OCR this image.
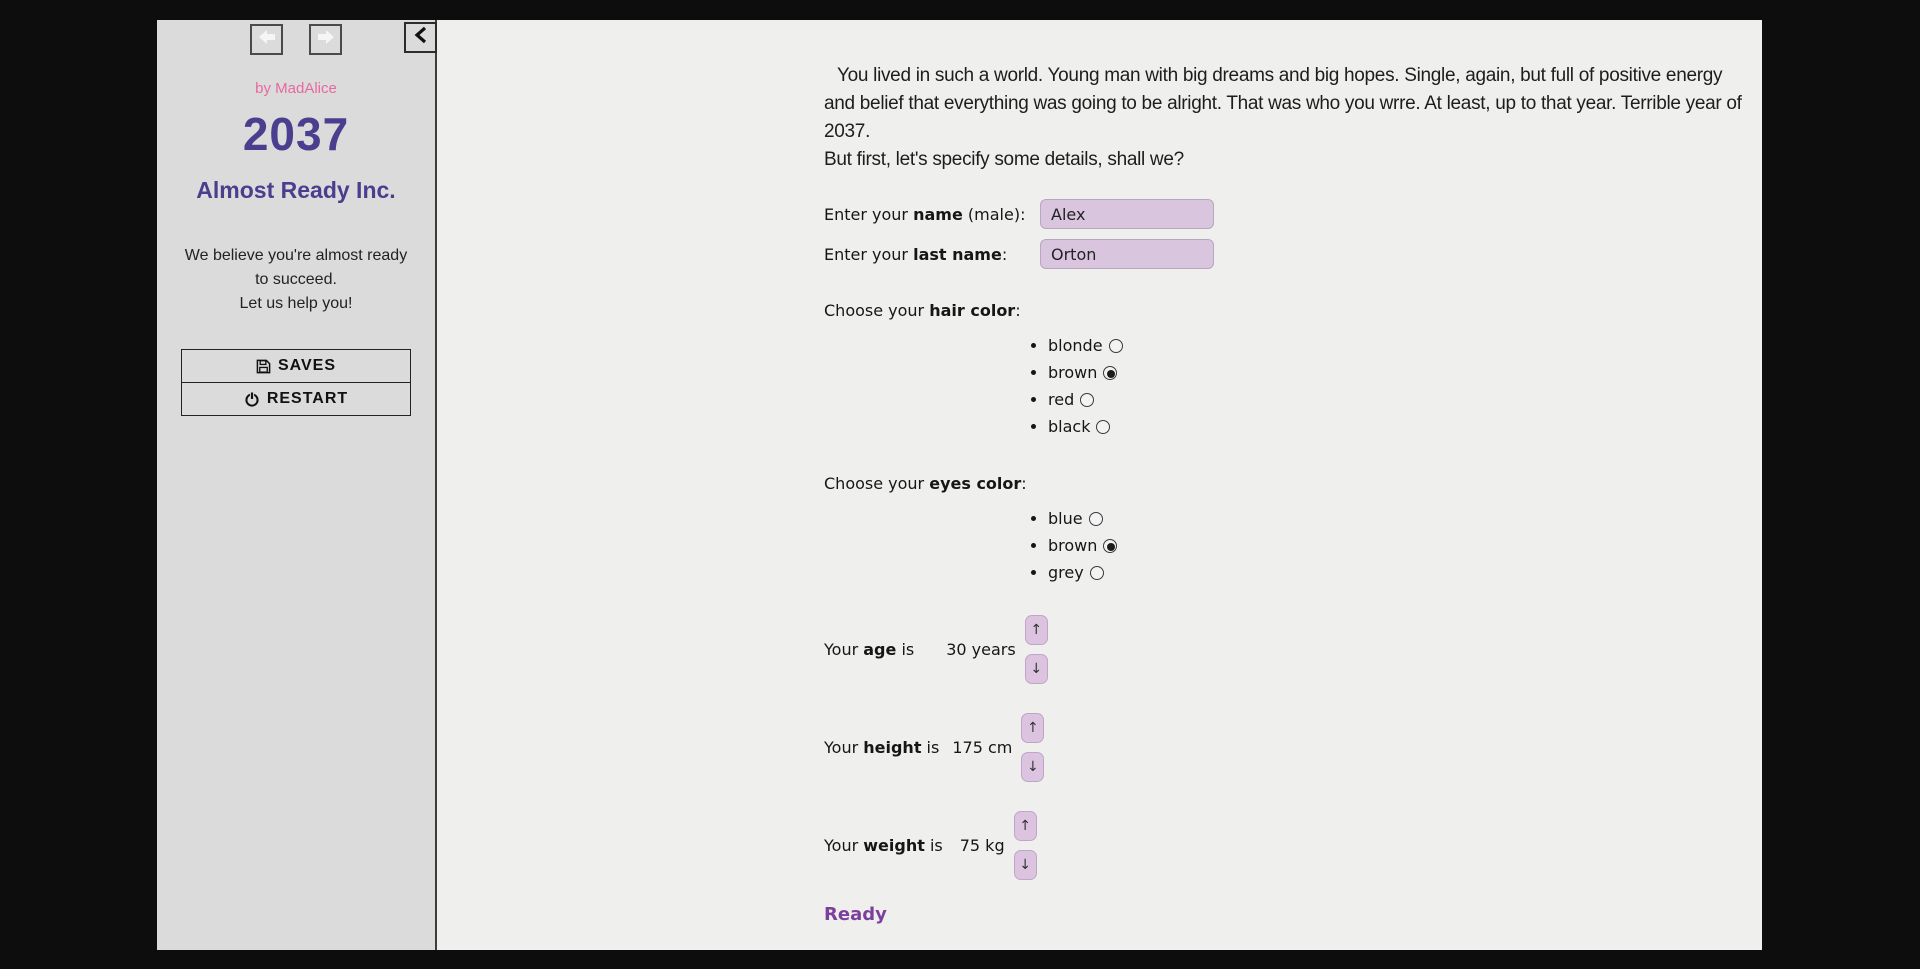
by MadAlice
2037
Almost Ready Inc.
We believe you're almost ready
to succeed.
Let us help you!
SAVES
RESTART
You lived in such a world. Young man with big dreams and big hopes. Single, again, but full of positive energy and belief that everything was going to be alright. That was who you wrre. At least, up to that year. Terrible year of 2037.
But first, let's specify some details, shall we?
Enter your name (male):
Alex
Enter your last name:
Orton
Choose your hair color:
• blonde
• brown
• red
• black
Choose your eyes color:
• blue
• brown
• grey
Your age is 30 years
↑
↓
Your height is 175 cm
↑
↓
Your weight is 75 kg
↑
↓
Ready
